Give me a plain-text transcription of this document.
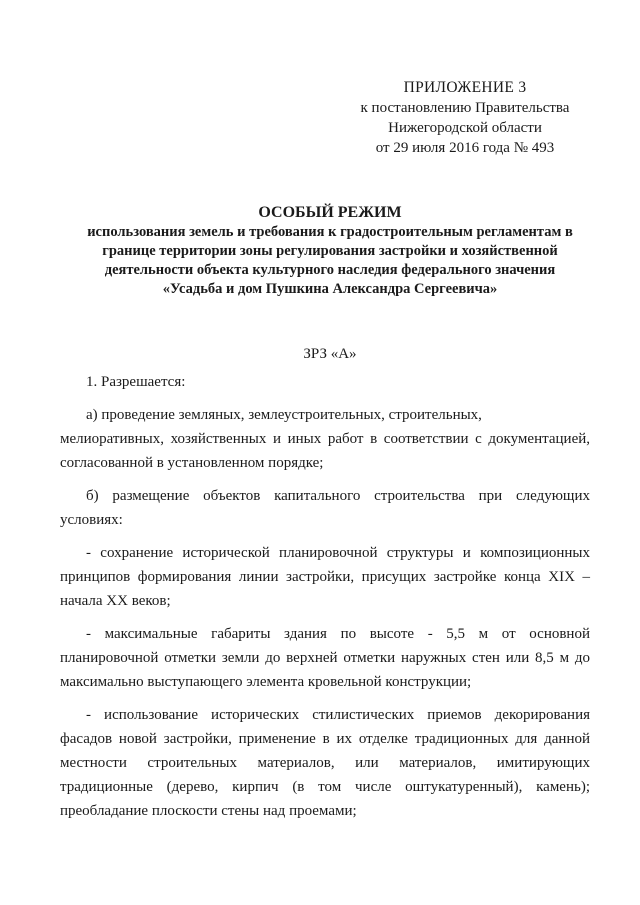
ПРИЛОЖЕНИЕ 3
к постановлению Правительства
Нижегородской области
от 29 июля 2016 года № 493
ОСОБЫЙ РЕЖИМ
использования земель и требования к градостроительным регламентам в
границе территории зоны регулирования застройки и хозяйственной
деятельности объекта культурного наследия федерального значения
«Усадьба и дом Пушкина Александра Сергеевича»
ЗРЗ «А»

1. Разрешается:

а) проведение земляных, землеустроительных, строительных,

мелиоративных, хозяйственных и иных работ в соответствии с документацией, согласованной в установленном порядке;

б) размещение объектов капитального строительства при следующих условиях:

- сохранение исторической планировочной структуры и композиционных принципов формирования линии застройки, присущих застройке конца XIX – начала XX веков;

- максимальные габариты здания по высоте - 5,5 м от основной планировочной отметки земли до верхней отметки наружных стен или 8,5 м до максимально выступающего элемента кровельной конструкции;

- использование исторических стилистических приемов декорирования фасадов новой застройки, применение в их отделке традиционных для данной местности строительных материалов, или материалов, имитирующих традиционные (дерево, кирпич (в том числе оштукатуренный), камень); преобладание плоскости стены над проемами;
